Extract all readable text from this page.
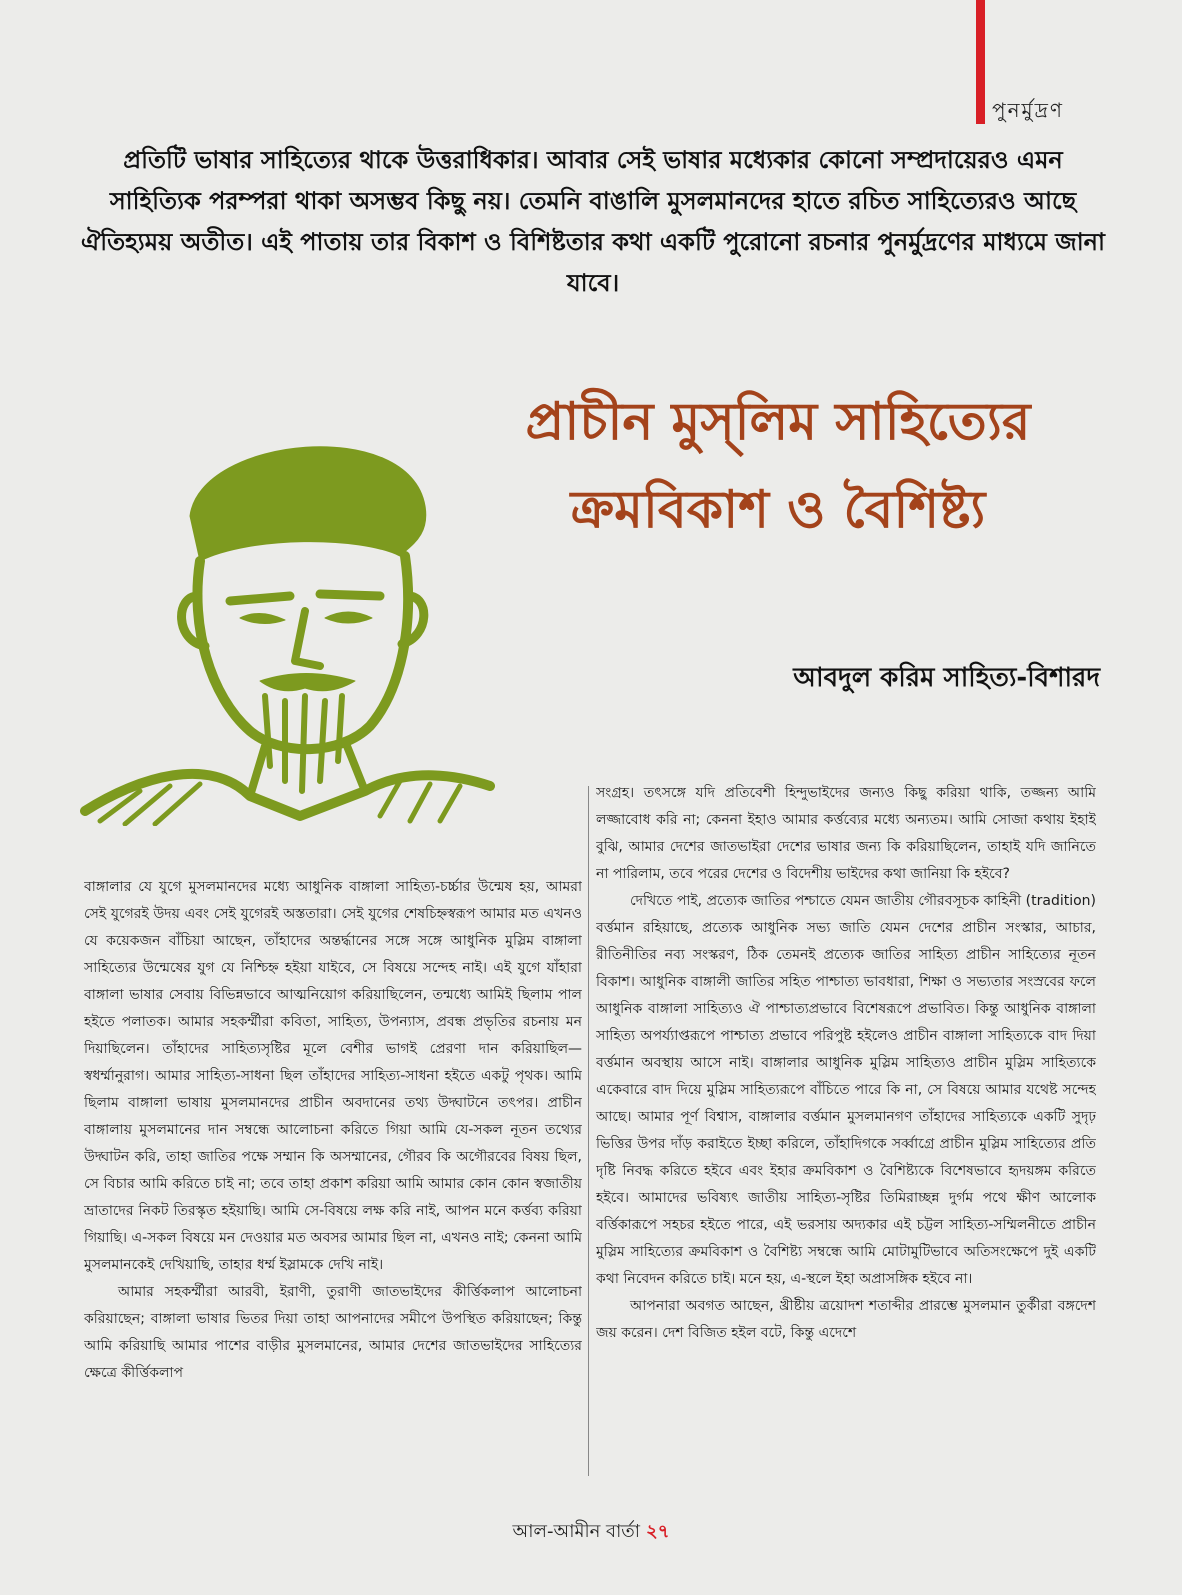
পুনর্মুদ্রণ
প্রতিটি ভাষার সাহিত্যের থাকে উত্তরাধিকার। আবার সেই ভাষার মধ্যেকার কোনো সম্প্রদায়েরও এমন সাহিত্যিক পরম্পরা থাকা অসম্ভব কিছু নয়। তেমনি বাঙালি মুসলমানদের হাতে রচিত সাহিত্যেরও আছে ঐতিহ্যময় অতীত। এই পাতায় তার বিকাশ ও বিশিষ্টতার কথা একটি পুরোনো রচনার পুনর্মুদ্রণের মাধ্যমে জানা যাবে।
প্রাচীন মুস্‌লিম সাহিত্যের
ক্রমবিকাশ ও বৈশিষ্ট্য
আবদুল করিম সাহিত্য-বিশারদ

বাঙ্গালার যে যুগে মুসলমানদের মধ্যে আধুনিক বাঙ্গালা সাহিত্য-চর্চ্চার উন্মেষ হয়, আমরা সেই যুগেরই উদয় এবং সেই যুগেরই অস্ততারা। সেই যুগের শেষচিহ্নস্বরূপ আমার মত এখনও যে কয়েকজন বাঁচিয়া আছেন, তাঁহাদের অন্তর্দ্ধানের সঙ্গে সঙ্গে আধুনিক মুস্লিম বাঙ্গালা সাহিত্যের উন্মেষের যুগ যে নিশ্চিহ্ন হইয়া যাইবে, সে বিষয়ে সন্দেহ নাই। এই যুগে যাঁহারা বাঙ্গালা ভাষার সেবায় বিভিন্নভাবে আত্মনিয়োগ করিয়াছিলেন, তন্মধ্যে আমিই ছিলাম পাল হইতে পলাতক। আমার সহকর্ম্মীরা কবিতা, সাহিত্য, উপন্যাস, প্রবন্ধ প্রভৃতির রচনায় মন দিয়াছিলেন। তাঁহাদের সাহিত্যসৃষ্টির মূলে বেশীর ভাগই প্রেরণা দান করিয়াছিল— স্বধর্ম্মানুরাগ। আমার সাহিত্য-সাধনা ছিল তাঁহাদের সাহিত্য-সাধনা হইতে একটু পৃথক। আমি ছিলাম বাঙ্গালা ভাষায় মুসলমানদের প্রাচীন অবদানের তথ্য উদ্ঘাটনে তৎপর। প্রাচীন বাঙ্গালায় মুসলমানের দান সম্বন্ধে আলোচনা করিতে গিয়া আমি যে-সকল নূতন তথ্যের উদ্ঘাটন করি, তাহা জাতির পক্ষে সম্মান কি অসম্মানের, গৌরব কি অগৌরবের বিষয় ছিল, সে বিচার আমি করিতে চাই না; তবে তাহা প্রকাশ করিয়া আমি আমার কোন কোন স্বজাতীয় ভ্রাতাদের নিকট তিরস্কৃত হইয়াছি। আমি সে-বিষয়ে লক্ষ করি নাই, আপন মনে কর্ত্তব্য করিয়া গিয়াছি। এ-সকল বিষয়ে মন দেওয়ার মত অবসর আমার ছিল না, এখনও নাই; কেননা আমি মুসলমানকেই দেখিয়াছি, তাহার ধর্ম্ম ইস্লামকে দেখি নাই।

আমার সহকর্ম্মীরা আরবী, ইরাণী, তুরাণী জাতভাইদের কীর্ত্তিকলাপ আলোচনা করিয়াছেন; বাঙ্গালা ভাষার ভিতর দিয়া তাহা আপনাদের সমীপে উপস্থিত করিয়াছেন; কিন্তু আমি করিয়াছি আমার পাশের বাড়ীর মুসলমানের, আমার দেশের জাতভাইদের সাহিত্যের ক্ষেত্রে কীর্ত্তিকলাপ

সংগ্রহ। তৎসঙ্গে যদি প্রতিবেশী হিন্দুভাইদের জন্যও কিছু করিয়া থাকি, তজ্জন্য আমি লজ্জাবোধ করি না; কেননা ইহাও আমার কর্ত্তব্যের মধ্যে অন্যতম। আমি সোজা কথায় ইহাই বুঝি, আমার দেশের জাতভাইরা দেশের ভাষার জন্য কি করিয়াছিলেন, তাহাই যদি জানিতে না পারিলাম, তবে পরের দেশের ও বিদেশীয় ভাইদের কথা জানিয়া কি হইবে?

দেখিতে পাই, প্রত্যেক জাতির পশ্চাতে যেমন জাতীয় গৌরবসূচক কাহিনী (tradition) বর্ত্তমান রহিয়াছে, প্রত্যেক আধুনিক সভ্য জাতি যেমন দেশের প্রাচীন সংস্কার, আচার, রীতিনীতির নব্য সংস্করণ, ঠিক তেমনই প্রত্যেক জাতির সাহিত্য প্রাচীন সাহিত্যের নূতন বিকাশ। আধুনিক বাঙ্গালী জাতির সহিত পাশ্চাত্য ভাবধারা, শিক্ষা ও সভ্যতার সংস্রবের ফলে আধুনিক বাঙ্গালা সাহিত্যও ঐ পাশ্চাত্যপ্রভাবে বিশেষরূপে প্রভাবিত। কিন্তু আধুনিক বাঙ্গালা সাহিত্য অপর্য্যাপ্তরূপে পাশ্চাত্য প্রভাবে পরিপুষ্ট হইলেও প্রাচীন বাঙ্গালা সাহিত্যকে বাদ দিয়া বর্ত্তমান অবস্থায় আসে নাই। বাঙ্গালার আধুনিক মুস্লিম সাহিত্যও প্রাচীন মুস্লিম সাহিত্যকে একেবারে বাদ দিয়ে মুস্লিম সাহিত্যরূপে বাঁচিতে পারে কি না, সে বিষয়ে আমার যথেষ্ট সন্দেহ আছে। আমার পূর্ণ বিশ্বাস, বাঙ্গালার বর্ত্তমান মুসলমানগণ তাঁহাদের সাহিত্যকে একটি সুদৃঢ় ভিত্তির উপর দাঁড় করাইতে ইচ্ছা করিলে, তাঁহাদিগকে সর্ব্বাগ্রে প্রাচীন মুস্লিম সাহিত্যের প্রতি দৃষ্টি নিবদ্ধ করিতে হইবে এবং ইহার ক্রমবিকাশ ও বৈশিষ্ট্যকে বিশেষভাবে হৃদয়ঙ্গম করিতে হইবে। আমাদের ভবিষ্যৎ জাতীয় সাহিত্য-সৃষ্টির তিমিরাচ্ছন্ন দুর্গম পথে ক্ষীণ আলোক বর্ত্তিকারূপে সহচর হইতে পারে, এই ভরসায় অদ্যকার এই চট্টল সাহিত্য-সম্মিলনীতে প্রাচীন মুস্লিম সাহিত্যের ক্রমবিকাশ ও বৈশিষ্ট্য সম্বন্ধে আমি মোটামুটিভাবে অতিসংক্ষেপে দুই একটি কথা নিবেদন করিতে চাই। মনে হয়, এ-স্থলে ইহা অপ্রাসঙ্গিক হইবে না।

আপনারা অবগত আছেন, খ্রীষ্টীয় ত্রয়োদশ শতাব্দীর প্রারম্ভে মুসলমান তুর্কীরা বঙ্গদেশ জয় করেন। দেশ বিজিত হইল বটে, কিন্তু এদেশে

আল-আমীন বার্তা ২৭
